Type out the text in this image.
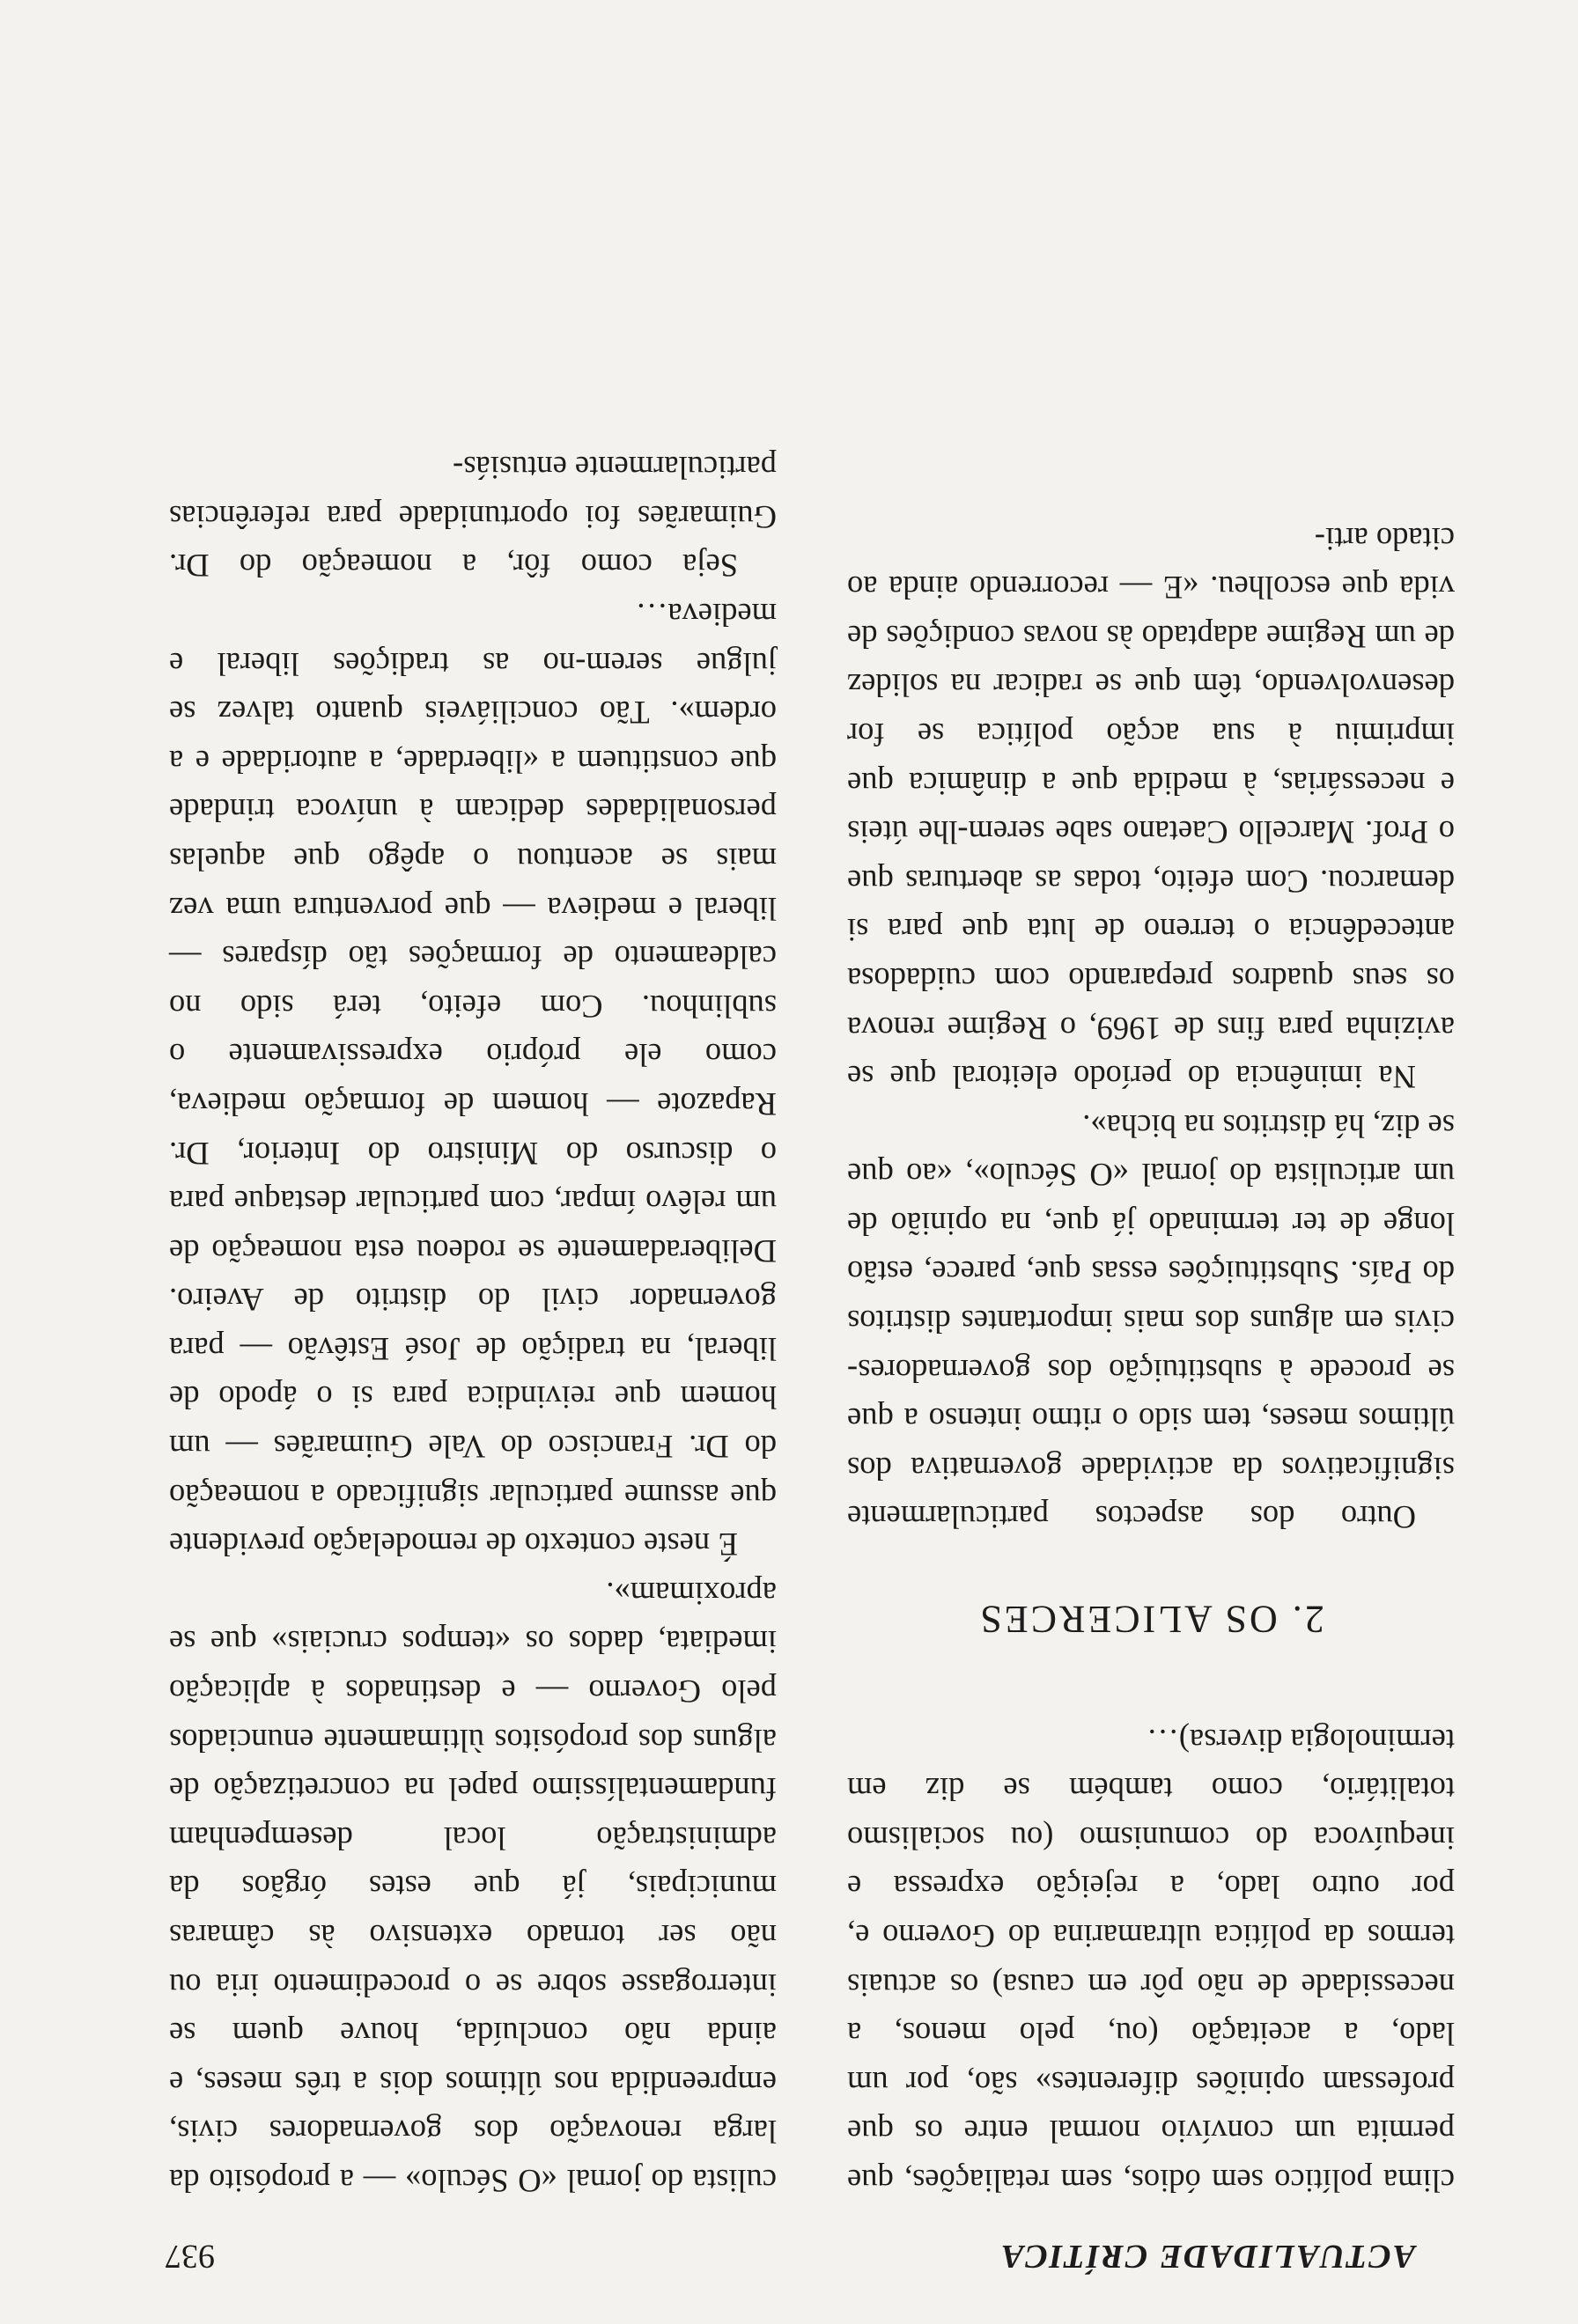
ACTUALIDADE CRÍTICA
937

clima político sem ódios, sem retaliações, que permita um convívio normal entre os que professam opiniões diferentes» são, por um lado, a aceitação (ou, pelo menos, a necessidade de não pôr em causa) os actuais termos da política ultramarina do Governo e, por outro lado, a rejeição expressa e inequívoca do comunismo (ou socialismo totalitário, como também se diz em terminologia diversa)…

2. OS ALICERCES

Outro dos aspectos particularmente significativos da actividade governativa dos últimos meses, tem sido o ritmo intenso a que se procede à substituição dos governadores-civis em alguns dos mais importantes distritos do País. Substituições essas que, parece, estão longe de ter terminado já que, na opinião de um articulista do jornal «O Século», «ao que se diz, há distritos na bicha».

Na iminência do período eleitoral que se avizinha para fins de 1969, o Regime renova os seus quadros preparando com cuidadosa antecedência o terreno de luta que para si demarcou. Com efeito, todas as aberturas que o Prof. Marcello Caetano sabe serem-lhe úteis e necessárias, à medida que a dinâmica que imprimiu à sua acção política se for desenvolvendo, têm que se radicar na solidez de um Regime adaptado às novas condições de vida que escolheu. «E — recorrendo ainda ao citado arti-

culista do jornal «O Século» — a propósito da larga renovação dos governadores civis, empreendida nos últimos dois a três meses, e ainda não concluída, houve quem se interrogasse sobre se o procedimento iria ou não ser tornado extensivo às câmaras municipais, já que estes órgãos da administração local desempenham fundamentalíssimo papel na concretização de alguns dos propósitos ùltimamente enunciados pelo Governo — e destinados à aplicação imediata, dados os «tempos cruciais» que se aproximam».

É neste contexto de remodelação previdente que assume particular significado a nomeação do Dr. Francisco do Vale Guimarães — um homem que reivindica para si o ápodo de liberal, na tradição de José Estêvão — para governador civil do distrito de Aveiro. Deliberadamente se rodeou esta nomeação de um relêvo ímpar, com particular destaque para o discurso do Ministro do Interior, Dr. Rapazote — homem de formação medieva, como ele próprio expressivamente o sublinhou. Com efeito, terá sido no caldeamento de formações tão díspares — liberal e medieva — que porventura uma vez mais se acentuou o apêgo que aquelas personalidades dedicam à unívoca trindade que constituem a «liberdade, a autoridade e a ordem». Tão conciliáveis quanto talvez se julgue serem-no as tradições liberal e medieva…

Seja como fôr, a nomeação do Dr. Guimarães foi oportunidade para referências particularmente entusiás-
